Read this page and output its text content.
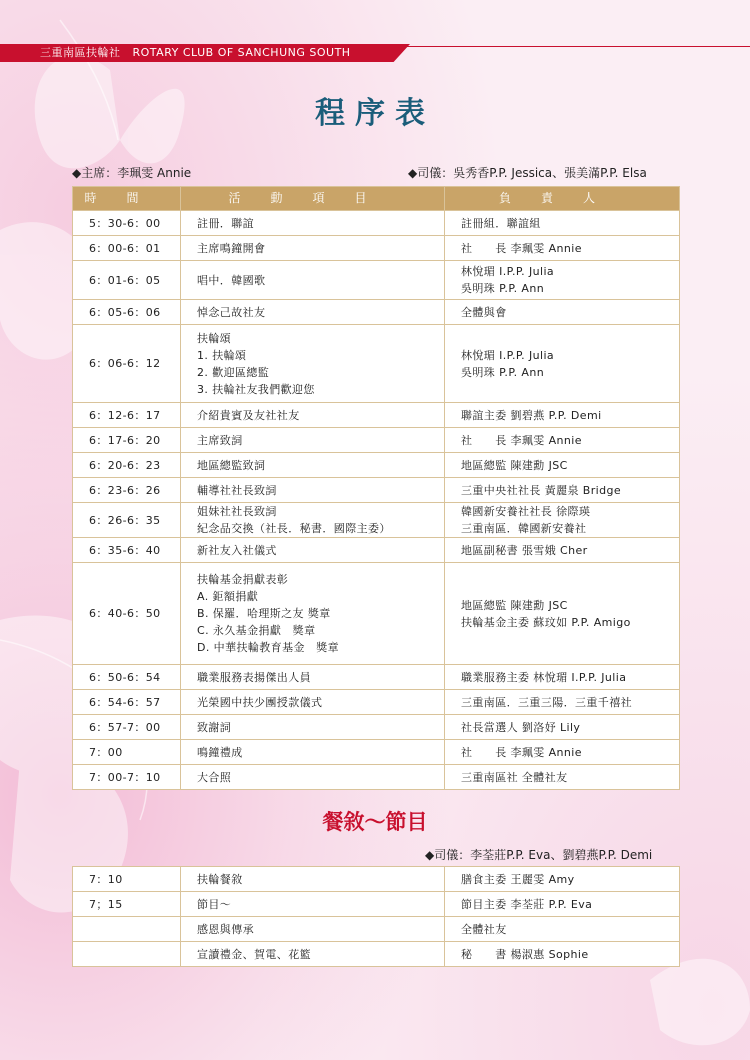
三重南區扶輪社 ROTARY CLUB OF SANCHUNG SOUTH
程序表
◆主席：李珮雯 Annie	◆司儀：吳秀香P.P. Jessica、張美滿P.P. Elsa
時間	活動項目	負責人
5：30-6：00	註冊．聯誼	註冊組．聯誼組

6：00-6：01	主席鳴鐘開會	社　　長 李珮雯 Annie

6：01-6：05	唱中．韓國歌	林悅瑂 I.P.P. Julia
吳明珠 P.P. Ann

6：05-6：06	悼念己故社友	全體與會

6：06-6：12	扶輪頌
1. 扶輪頌
2. 歡迎區總監
3. 扶輪社友我們歡迎您	林悅瑂 I.P.P. Julia
吳明珠 P.P. Ann

6：12-6：17	介紹貴賓及友社社友	聯誼主委 劉碧燕 P.P. Demi

6：17-6：20	主席致詞	社　　長 李珮雯 Annie

6：20-6：23	地區總監致詞	地區總監 陳建勳 JSC

6：23-6：26	輔導社社長致詞	三重中央社社長 黃麗泉 Bridge

6：26-6：35	姐妹社社長致詞
紀念品交換（社長．秘書．國際主委）	韓國新安養社社長 徐際瑛
三重南區．韓國新安養社

6：35-6：40	新社友入社儀式	地區副秘書 張雪娥 Cher

6：40-6：50	扶輪基金捐獻表彰
A. 鉅額捐獻
B. 保羅．哈理斯之友 獎章
C. 永久基金捐獻　獎章
D. 中華扶輪教育基金　獎章	地區總監 陳建勳 JSC
扶輪基金主委 蘇玟如 P.P. Amigo

6：50-6：54	職業服務表揚傑出人員	職業服務主委 林悅瑂 I.P.P. Julia

6：54-6：57	光榮國中扶少團授款儀式	三重南區．三重三陽．三重千禧社

6：57-7：00	致謝詞	社長當選人 劉洛妤 Lily

7：00	鳴鐘禮成	社　　長 李珮雯 Annie

7：00-7：10	大合照	三重南區社 全體社友
餐敘～節目
◆司儀：李荃莊P.P. Eva、劉碧燕P.P. Demi
7：10	扶輪餐敘	膳食主委 王麗雯 Amy
7；15	節目～	節目主委 李荃莊 P.P. Eva
	感恩與傳承	全體社友
	宣讀禮金、賀電、花籃	秘　　書 楊淑惠 Sophie
